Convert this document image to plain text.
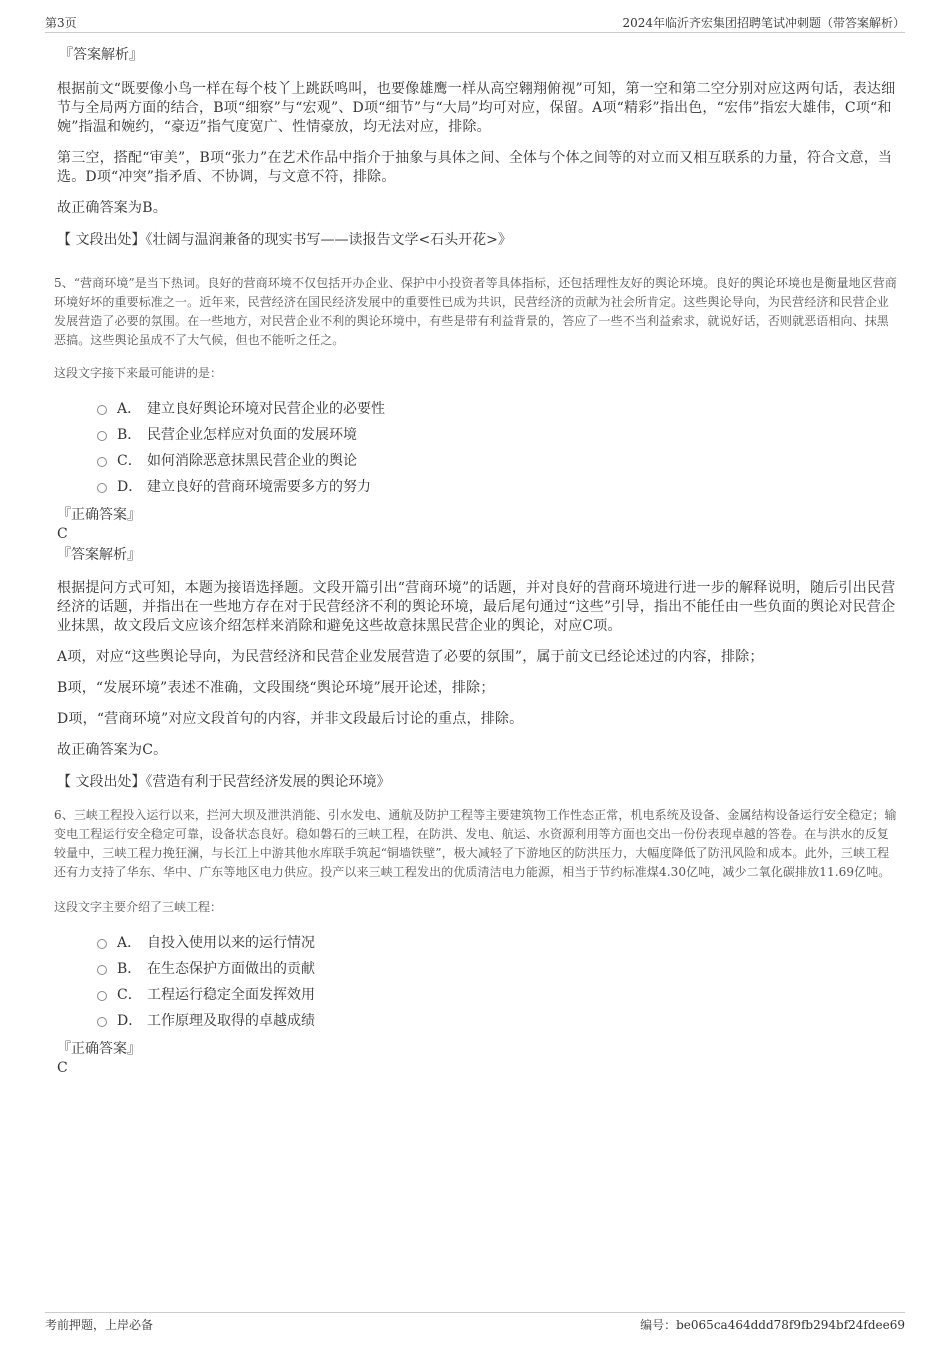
第3页	2024年临沂齐宏集团招聘笔试冲刺题（带答案解析）
『答案解析』

根据前文“既要像小鸟一样在每个枝丫上跳跃鸣叫，也要像雄鹰一样从高空翱翔俯视”可知，第一空和第二空分别对应这两句话，表达细节与全局两方面的结合，B项“细察”与“宏观”、D项“细节”与“大局”均可对应，保留。A项“精彩”指出色，“宏伟”指宏大雄伟，C项“和婉”指温和婉约，“豪迈”指气度宽广、性情豪放，均无法对应，排除。

第三空，搭配“审美”，B项“张力”在艺术作品中指介于抽象与具体之间、全体与个体之间等的对立而又相互联系的力量，符合文意，当选。D项“冲突”指矛盾、不协调，与文意不符，排除。

故正确答案为B。

【 文段出处】《壮阔与温润兼备的现实书写——读报告文学<石头开花>》

5、“营商环境”是当下热词。良好的营商环境不仅包括开办企业、保护中小投资者等具体指标，还包括理性友好的舆论环境。良好的舆论环境也是衡量地区营商环境好坏的重要标准之一。近年来，民营经济在国民经济发展中的重要性已成为共识，民营经济的贡献为社会所肯定。这些舆论导向，为民营经济和民营企业发展营造了必要的氛围。在一些地方，对民营企业不利的舆论环境中，有些是带有利益背景的，答应了一些不当利益索求，就说好话，否则就恶语相向、抹黑恶搞。这些舆论虽成不了大气候，但也不能听之任之。

这段文字接下来最可能讲的是：
A． 建立良好舆论环境对民营企业的必要性
B． 民营企业怎样应对负面的发展环境
C． 如何消除恶意抹黑民营企业的舆论
D． 建立良好的营商环境需要多方的努力
『正确答案』
C
『答案解析』

根据提问方式可知，本题为接语选择题。文段开篇引出“营商环境”的话题，并对良好的营商环境进行进一步的解释说明，随后引出民营经济的话题，并指出在一些地方存在对于民营经济不利的舆论环境，最后尾句通过“这些”引导，指出不能任由一些负面的舆论对民营企业抹黑，故文段后文应该介绍怎样来消除和避免这些故意抹黑民营企业的舆论，对应C项。

A项，对应“这些舆论导向，为民营经济和民营企业发展营造了必要的氛围”，属于前文已经论述过的内容，排除；

B项，“发展环境”表述不准确，文段围绕“舆论环境”展开论述，排除；

D项，“营商环境”对应文段首句的内容，并非文段最后讨论的重点，排除。

故正确答案为C。

【 文段出处】《营造有利于民营经济发展的舆论环境》

6、三峡工程投入运行以来，拦河大坝及泄洪消能、引水发电、通航及防护工程等主要建筑物工作性态正常，机电系统及设备、金属结构设备运行安全稳定；输变电工程运行安全稳定可靠，设备状态良好。稳如磐石的三峡工程，在防洪、发电、航运、水资源利用等方面也交出一份份表现卓越的答卷。在与洪水的反复较量中，三峡工程力挽狂澜，与长江上中游其他水库联手筑起“铜墙铁壁”，极大减轻了下游地区的防洪压力，大幅度降低了防汛风险和成本。此外，三峡工程还有力支持了华东、华中、广东等地区电力供应。投产以来三峡工程发出的优质清洁电力能源，相当于节约标准煤4.30亿吨，减少二氧化碳排放11.69亿吨。

这段文字主要介绍了三峡工程：
A． 自投入使用以来的运行情况
B． 在生态保护方面做出的贡献
C． 工程运行稳定全面发挥效用
D． 工作原理及取得的卓越成绩
『正确答案』
C
考前押题，上岸必备	编号：be065ca464ddd78f9fb294bf24fdee69
